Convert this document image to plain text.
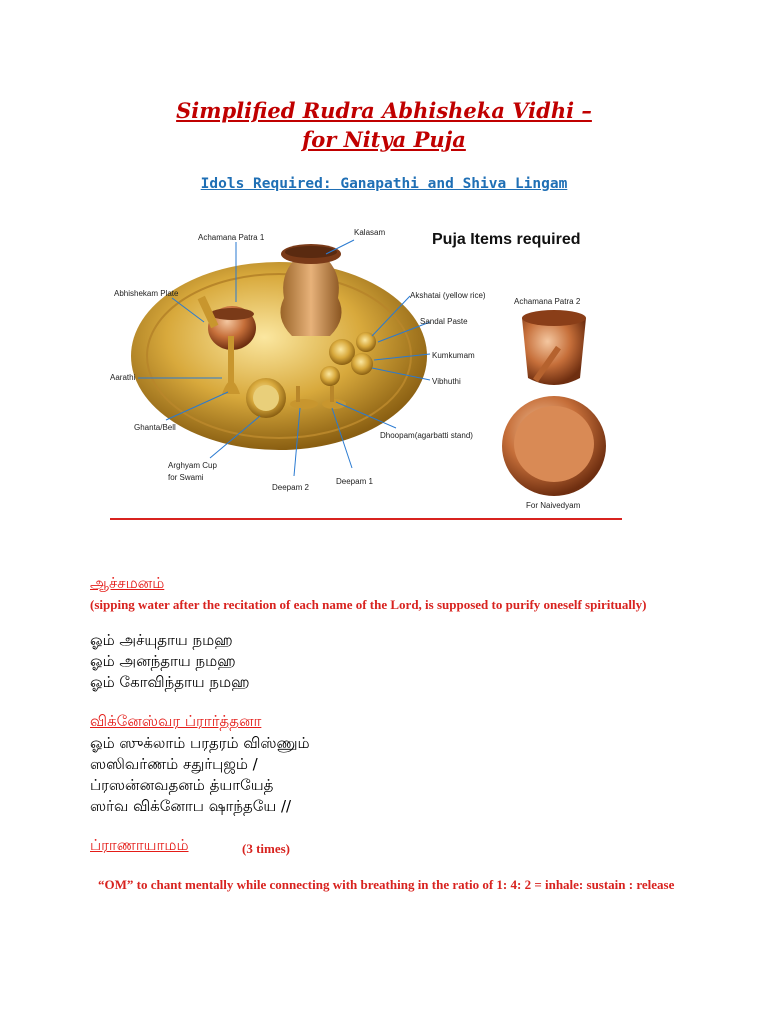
Simplified Rudra Abhisheka Vidhi –
for Nitya Puja
Idols Required: Ganapathi and Shiva Lingam
Achamana Patra 1
Kalasam
Abhishekam Plate	Akshatai (yellow rice)
Sandal Paste
Kumkumam
Vibhuthi
Aarathi
Ghanta/Bell
Dhoopam(agarbatti stand)
Arghyam Cup
for Swami
Deepam 2
Deepam 1
Puja Items required
Achamana Patra 2
For Naivedyam
ஆச்சமனம்
(sipping water after the recitation of each name of the Lord, is supposed to purify oneself spiritually)
ஓம் அச்யுதாய நமஹ
ஓம் அனந்தாய நமஹ
ஓம் கோவிந்தாய நமஹ
விக்னேஸ்வர ப்ரார்த்தனா
ஓம் ஸுக்லாம் பரதரம் விஸ்ணும்
ஸஸிவர்ணம் சதுர்புஜம் /
ப்ரஸன்னவதனம் த்யாயேத்
ஸர்வ விக்னோப ஷாந்தயே //
ப்ராணாயாமம்	(3 times)
“OM” to chant mentally while connecting with breathing in the ratio of 1: 4: 2 = inhale: sustain : release
